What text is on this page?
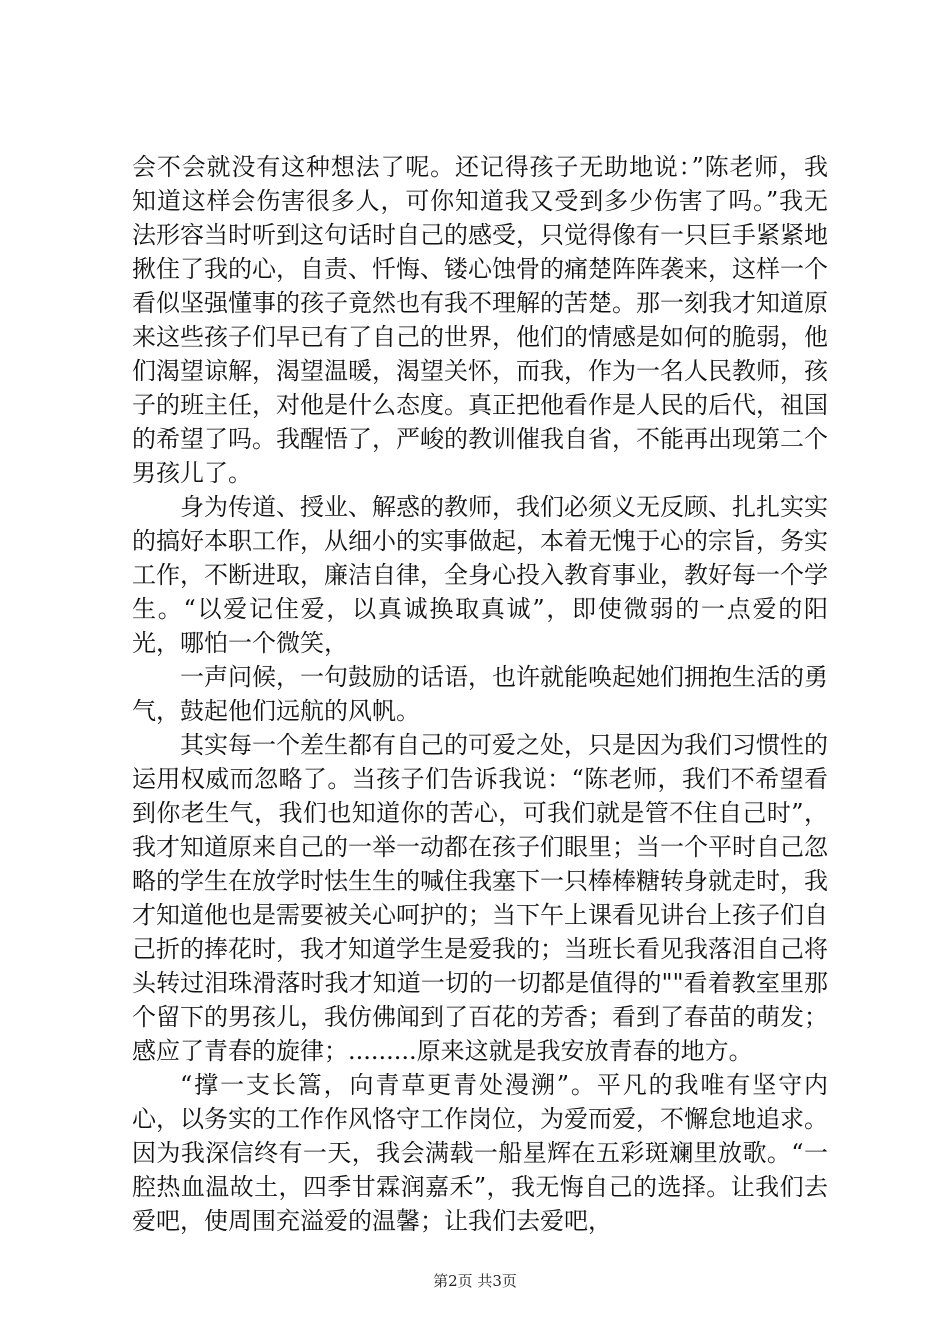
会不会就没有这种想法了呢。还记得孩子无助地说：”陈老师，我知道这样会伤害很多人，可你知道我又受到多少伤害了吗。”我无法形容当时听到这句话时自己的感受，只觉得像有一只巨手紧紧地揪住了我的心，自责、忏悔、镂心蚀骨的痛楚阵阵袭来，这样一个看似坚强懂事的孩子竟然也有我不理解的苦楚。那一刻我才知道原来这些孩子们早已有了自己的世界，他们的情感是如何的脆弱，他们渴望谅解，渴望温暖，渴望关怀，而我，作为一名人民教师，孩子的班主任，对他是什么态度。真正把他看作是人民的后代，祖国的希望了吗。我醒悟了，严峻的教训催我自省，不能再出现第二个男孩儿了。

身为传道、授业、解惑的教师，我们必须义无反顾、扎扎实实的搞好本职工作，从细小的实事做起，本着无愧于心的宗旨，务实工作，不断进取，廉洁自律，全身心投入教育事业，教好每一个学生。“以爱记住爱，以真诚换取真诚”，即使微弱的一点爱的阳光，哪怕一个微笑，

一声问候，一句鼓励的话语，也许就能唤起她们拥抱生活的勇气，鼓起他们远航的风帆。

其实每一个差生都有自己的可爱之处，只是因为我们习惯性的运用权威而忽略了。当孩子们告诉我说：“陈老师，我们不希望看到你老生气，我们也知道你的苦心，可我们就是管不住自己时”，我才知道原来自己的一举一动都在孩子们眼里；当一个平时自己忽略的学生在放学时怯生生的喊住我塞下一只棒棒糖转身就走时，我才知道他也是需要被关心呵护的；当下午上课看见讲台上孩子们自己折的捧花时，我才知道学生是爱我的；当班长看见我落泪自己将头转过泪珠滑落时我才知道一切的一切都是值得的""看着教室里那个留下的男孩儿，我仿佛闻到了百花的芳香；看到了春苗的萌发；感应了青春的旋律；.........原来这就是我安放青春的地方。

“撑一支长篙，向青草更青处漫溯”。平凡的我唯有坚守内心，以务实的工作作风恪守工作岗位，为爱而爱，不懈怠地追求。因为我深信终有一天，我会满载一船星辉在五彩斑斓里放歌。“一腔热血温故土，四季甘霖润嘉禾”，我无悔自己的选择。让我们去爱吧，使周围充溢爱的温馨；让我们去爱吧，

第2页 共3页
